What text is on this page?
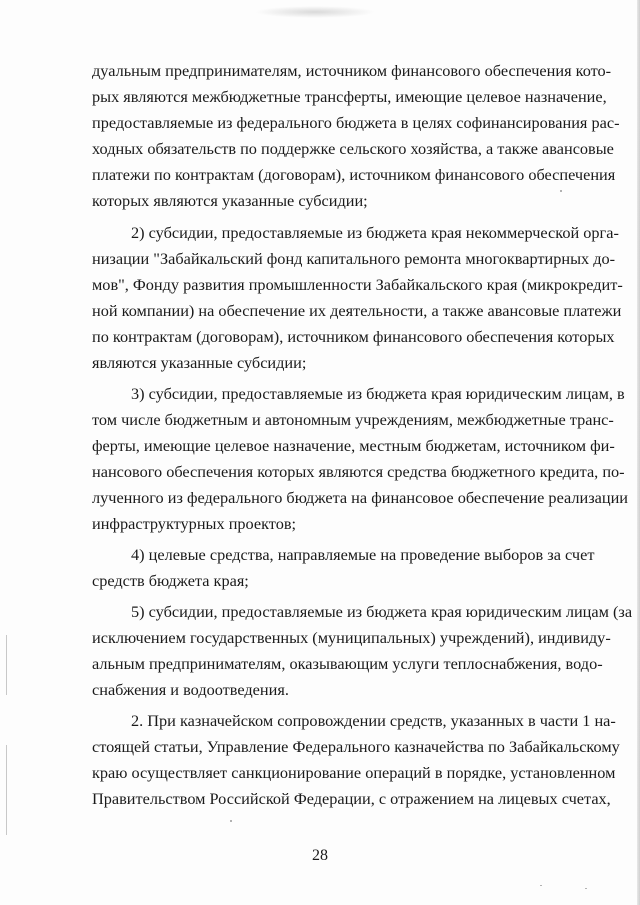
дуальным предпринимателям, источником финансового обеспечения кото-
рых являются межбюджетные трансферты, имеющие целевое назначение,
предоставляемые из федерального бюджета в целях софинансирования рас-
ходных обязательств по поддержке сельского хозяйства, а также авансовые
платежи по контрактам (договорам), источником финансового обеспечения
которых являются указанные субсидии;
2) субсидии, предоставляемые из бюджета края некоммерческой орга-
низации "Забайкальский фонд капитального ремонта многоквартирных до-
мов", Фонду развития промышленности Забайкальского края (микрокредит-
ной компании) на обеспечение их деятельности, а также авансовые платежи
по контрактам (договорам), источником финансового обеспечения которых
являются указанные субсидии;
3) субсидии, предоставляемые из бюджета края юридическим лицам, в
том числе бюджетным и автономным учреждениям, межбюджетные транс-
ферты, имеющие целевое назначение, местным бюджетам, источником фи-
нансового обеспечения которых являются средства бюджетного кредита, по-
лученного из федерального бюджета на финансовое обеспечение реализации
инфраструктурных проектов;
4) целевые средства, направляемые на проведение выборов за счет
средств бюджета края;
5) субсидии, предоставляемые из бюджета края юридическим лицам (за
исключением государственных (муниципальных) учреждений), индивиду-
альным предпринимателям, оказывающим услуги теплоснабжения, водо-
снабжения и водоотведения.
2. При казначейском сопровождении средств, указанных в части 1 на-
стоящей статьи, Управление Федерального казначейства по Забайкальскому
краю осуществляет санкционирование операций в порядке, установленном
Правительством Российской Федерации, с отражением на лицевых счетах,
28
